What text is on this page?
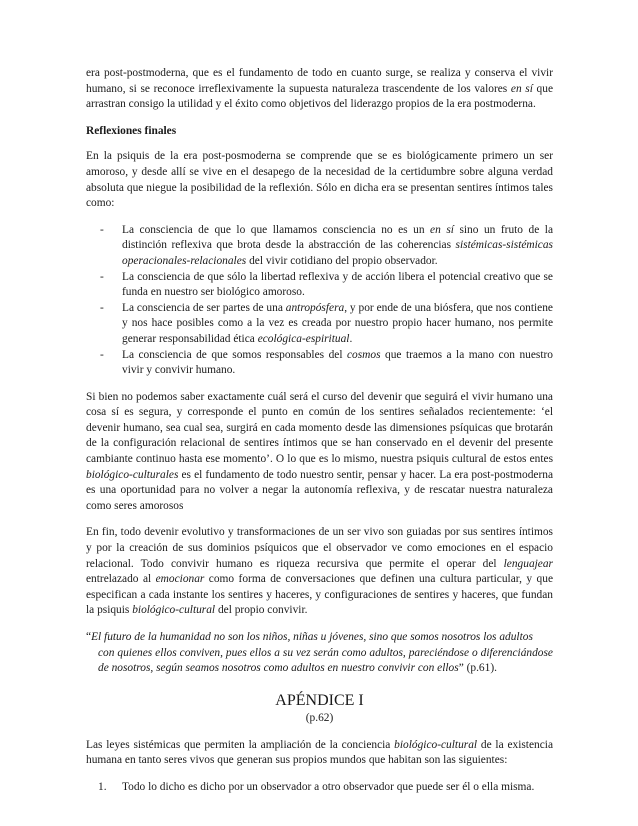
era post-postmoderna, que es el fundamento de todo en cuanto surge, se realiza y conserva el vivir humano, si se reconoce irreflexivamente la supuesta naturaleza trascendente de los valores en sí que arrastran consigo la utilidad y el éxito como objetivos del liderazgo propios de la era postmoderna.

Reflexiones finales

En la psiquis de la era post-posmoderna se comprende que se es biológicamente primero un ser amoroso, y desde allí se vive en el desapego de la necesidad de la certidumbre sobre alguna verdad absoluta que niegue la posibilidad de la reflexión. Sólo en dicha era se presentan sentires íntimos tales como:

- La consciencia de que lo que llamamos consciencia no es un en sí sino un fruto de la distinción reflexiva que brota desde la abstracción de las coherencias sistémicas-sistémicas operacionales-relacionales del vivir cotidiano del propio observador.
- La consciencia de que sólo la libertad reflexiva y de acción libera el potencial creativo que se funda en nuestro ser biológico amoroso.
- La consciencia de ser partes de una antropósfera, y por ende de una biósfera, que nos contiene y nos hace posibles como a la vez es creada por nuestro propio hacer humano, nos permite generar responsabilidad ética ecológica-espiritual.
- La consciencia de que somos responsables del cosmos que traemos a la mano con nuestro vivir y convivir humano.

Si bien no podemos saber exactamente cuál será el curso del devenir que seguirá el vivir humano una cosa sí es segura, y corresponde el punto en común de los sentires señalados recientemente: ‘el devenir humano, sea cual sea, surgirá en cada momento desde las dimensiones psíquicas que brotarán de la configuración relacional de sentires íntimos que se han conservado en el devenir del presente cambiante continuo hasta ese momento’. O lo que es lo mismo, nuestra psiquis cultural de estos entes biológico-culturales es el fundamento de todo nuestro sentir, pensar y hacer. La era post-postmoderna es una oportunidad para no volver a negar la autonomía reflexiva, y de rescatar nuestra naturaleza como seres amorosos

En fin, todo devenir evolutivo y transformaciones de un ser vivo son guiadas por sus sentires íntimos y por la creación de sus dominios psíquicos que el observador ve como emociones en el espacio relacional. Todo convivir humano es riqueza recursiva que permite el operar del lenguajear entrelazado al emocionar como forma de conversaciones que definen una cultura particular, y que especifican a cada instante los sentires y haceres, y configuraciones de sentires y haceres, que fundan la psiquis biológico-cultural del propio convivir.

“El futuro de la humanidad no son los niños, niñas u jóvenes, sino que somos nosotros los adultos
con quienes ellos conviven, pues ellos a su vez serán como adultos, pareciéndose o diferenciándose de nosotros, según seamos nosotros como adultos en nuestro convivir con ellos” (p.61).

APÉNDICE I

(p.62)

Las leyes sistémicas que permiten la ampliación de la conciencia biológico-cultural de la existencia humana en tanto seres vivos que generan sus propios mundos que habitan son las siguientes:

1. Todo lo dicho es dicho por un observador a otro observador que puede ser él o ella misma.
